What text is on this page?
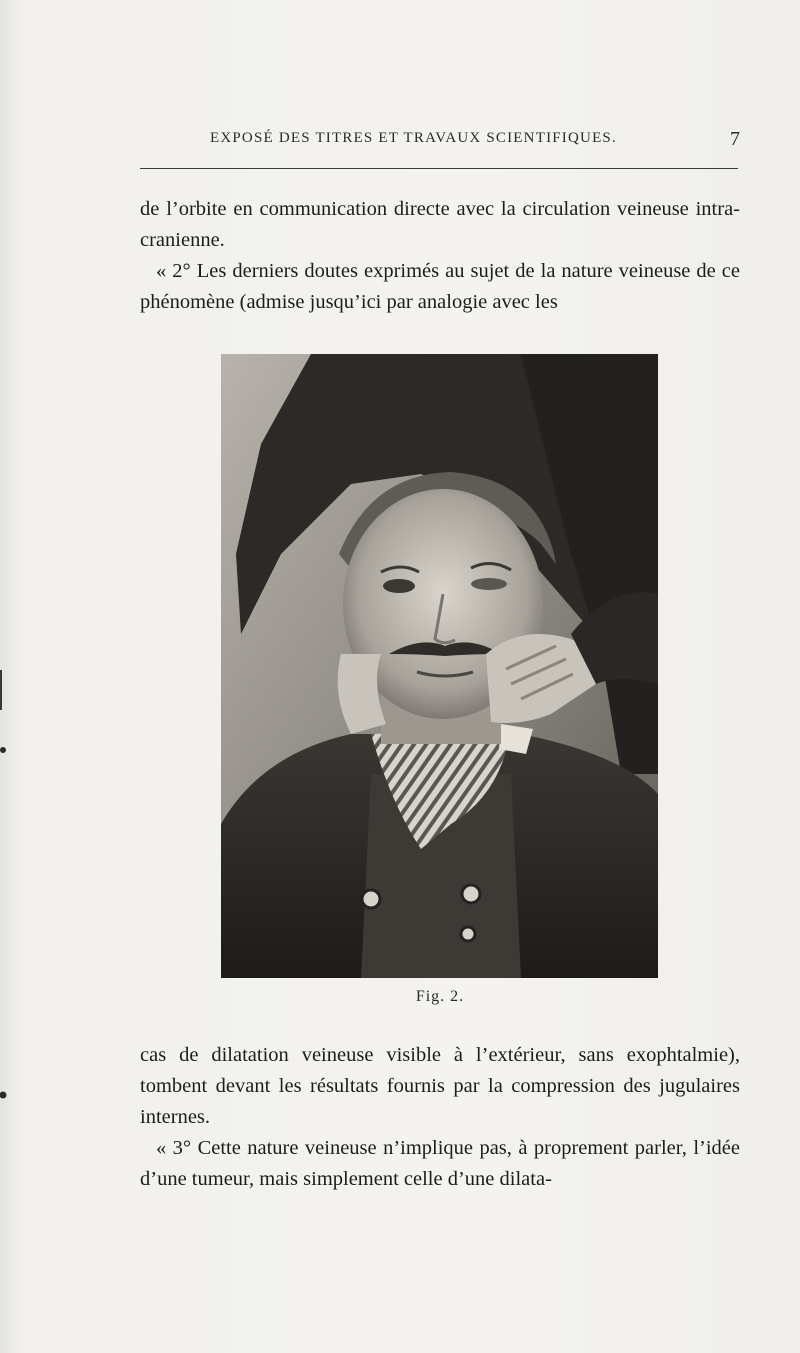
EXPOSÉ DES TITRES ET TRAVAUX SCIENTIFIQUES.	7

de l’orbite en communication directe avec la circulation veineuse intra-cranienne.

« 2° Les derniers doutes exprimés au sujet de la nature veineuse de ce phénomène (admise jusqu’ici par analogie avec les

Fig. 2.

cas de dilatation veineuse visible à l’extérieur, sans exophtalmie), tombent devant les résultats fournis par la compression des jugulaires internes.

« 3° Cette nature veineuse n’implique pas, à proprement parler, l’idée d’une tumeur, mais simplement celle d’une dilata-
